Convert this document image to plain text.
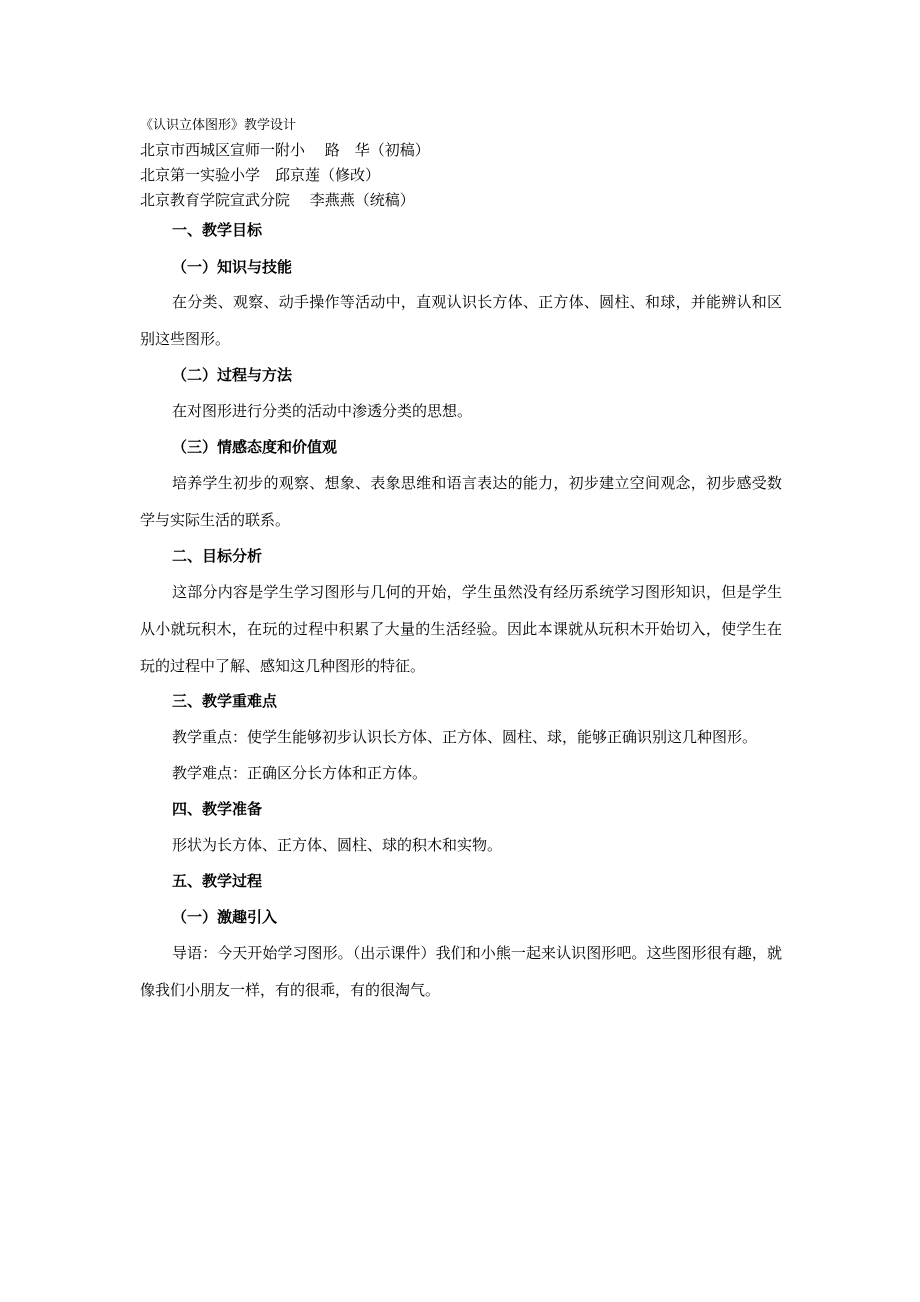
《认识立体图形》教学设计
北京市西城区宣师一附小　 路　华（初稿）
北京第一实验小学　邱京莲（修改）
北京教育学院宣武分院　 李燕燕（统稿）
一、教学目标
（一）知识与技能
在分类、观察、动手操作等活动中，直观认识长方体、正方体、圆柱、和球，并能辨认和区别这些图形。
（二）过程与方法
在对图形进行分类的活动中渗透分类的思想。
（三）情感态度和价值观
培养学生初步的观察、想象、表象思维和语言表达的能力，初步建立空间观念，初步感受数学与实际生活的联系。
二、目标分析
这部分内容是学生学习图形与几何的开始，学生虽然没有经历系统学习图形知识，但是学生从小就玩积木，在玩的过程中积累了大量的生活经验。因此本课就从玩积木开始切入，使学生在玩的过程中了解、感知这几种图形的特征。
三、教学重难点
教学重点：使学生能够初步认识长方体、正方体、圆柱、球，能够正确识别这几种图形。
教学难点：正确区分长方体和正方体。
四、教学准备
形状为长方体、正方体、圆柱、球的积木和实物。
五、教学过程
（一）激趣引入
导语：今天开始学习图形。（出示课件）我们和小熊一起来认识图形吧。这些图形很有趣，就像我们小朋友一样，有的很乖，有的很淘气。
